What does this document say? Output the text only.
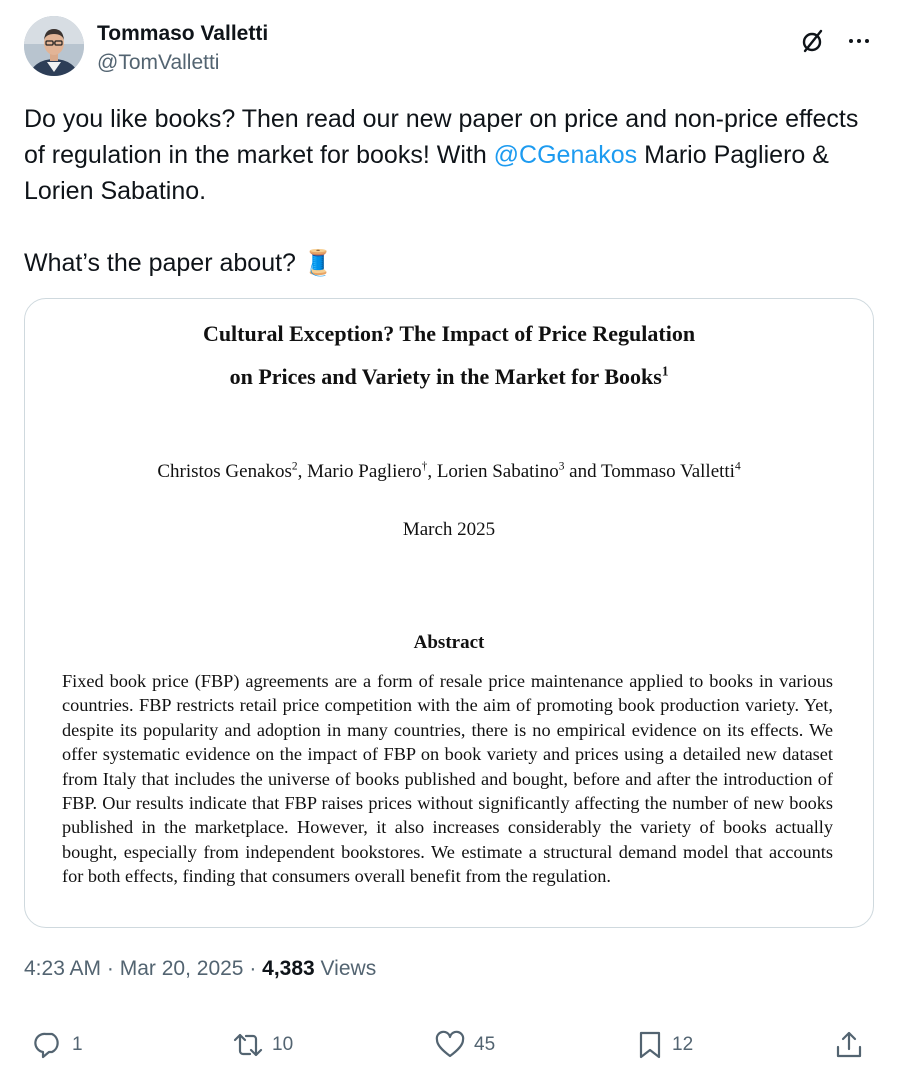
Tommaso Valletti
@TomValletti
Do you like books? Then read our new paper on price and non-price effects of regulation in the market for books! With @CGenakos Mario Pagliero & Lorien Sabatino.

What’s the paper about? 🧵
Cultural Exception? The Impact of Price Regulation
on Prices and Variety in the Market for Books$^1$
Christos Genakos$^2$, Mario Pagliero†, Lorien Sabatino$^3$ and Tommaso Valletti$^4$
March 2025
Abstract
Fixed book price (FBP) agreements are a form of resale price maintenance applied to books in various countries. FBP restricts retail price competition with the aim of promoting book production variety. Yet, despite its popularity and adoption in many countries, there is no empirical evidence on its effects. We offer systematic evidence on the impact of FBP on book variety and prices using a detailed new dataset from Italy that includes the universe of books published and bought, before and after the introduction of FBP. Our results indicate that FBP raises prices without significantly affecting the number of new books published in the marketplace. However, it also increases considerably the variety of books actually bought, especially from independent bookstores. We estimate a structural demand model that accounts for both effects, finding that consumers overall benefit from the regulation.
4:23 AM · Mar 20, 2025 · 4,383 Views
1	10	45	12
